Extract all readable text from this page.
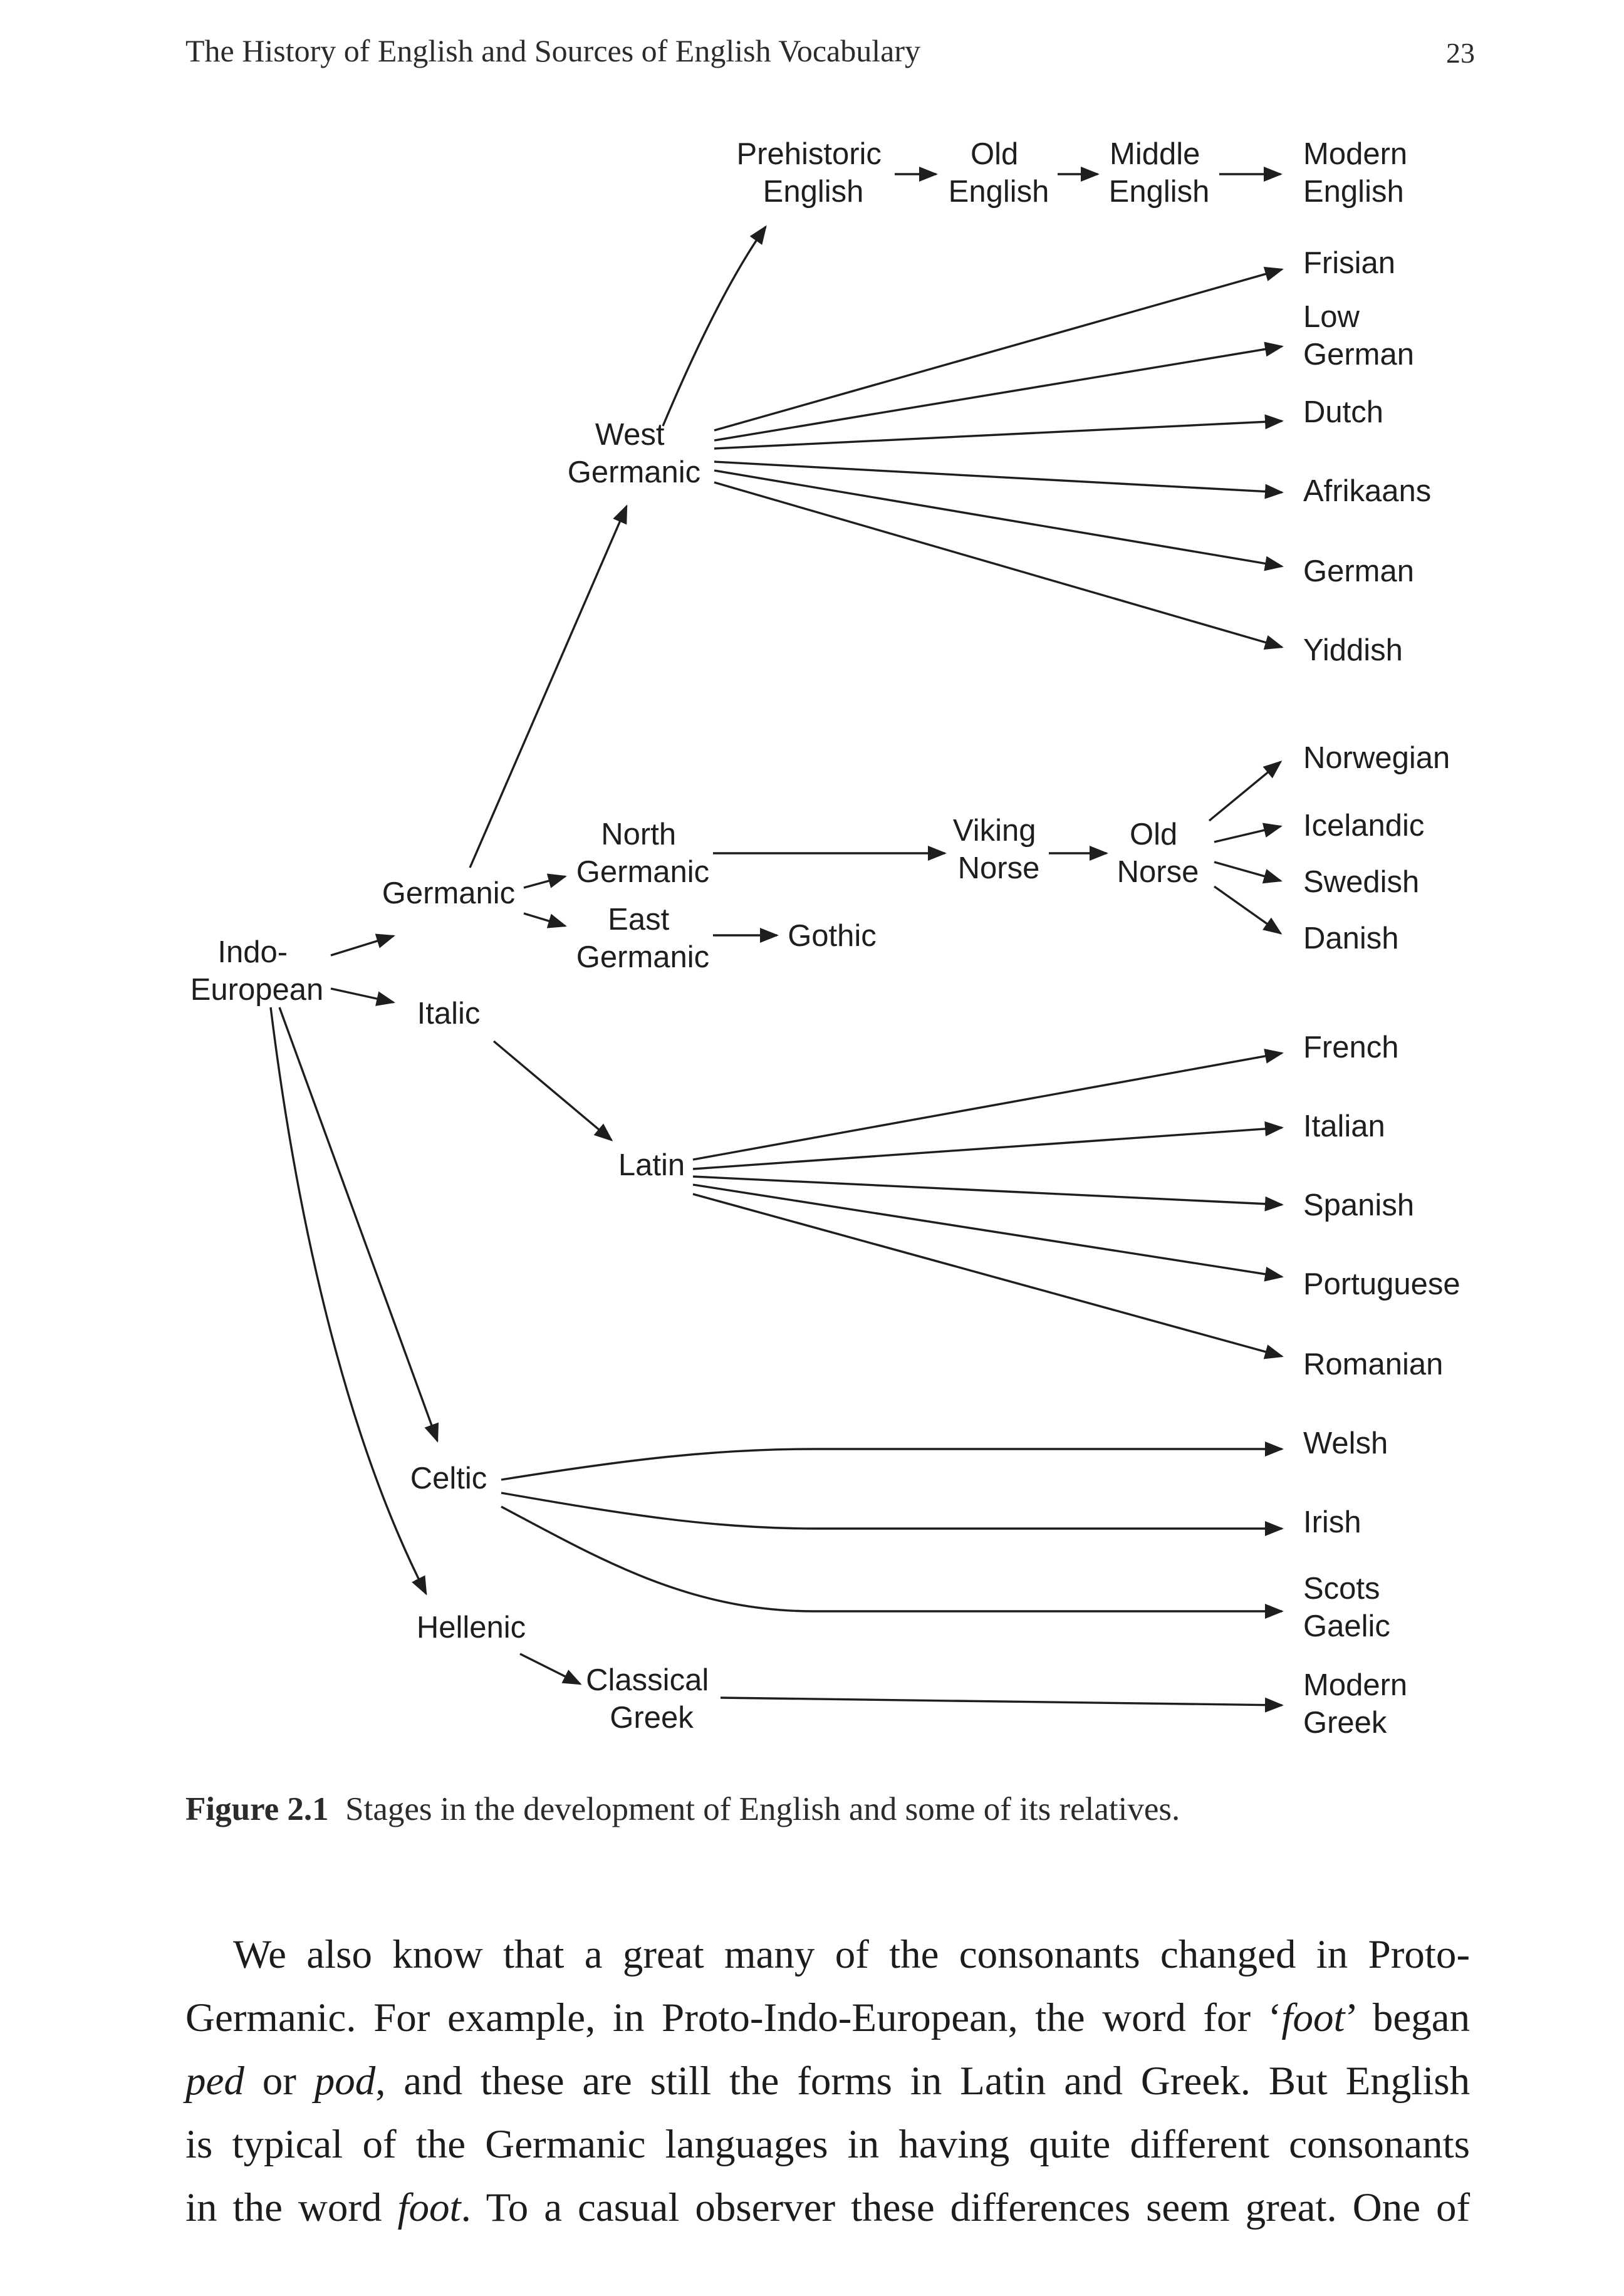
The History of English and Sources of English Vocabulary	23
Indo- European
Germanic
Italic
Celtic
Hellenic
West Germanic
North Germanic
East Germanic
Latin
Classical Greek
Gothic
Viking Norse
Old Norse
Prehistoric English
Old English
Middle English
Modern English
Frisian
Low German
Dutch
Afrikaans
German
Yiddish
Norwegian
Icelandic
Swedish
Danish
French
Italian
Spanish
Portuguese
Romanian
Welsh
Irish
Scots Gaelic
Modern Greek
Figure 2.1 Stages in the development of English and some of its relatives.
We also know that a great many of the consonants changed in Proto-
Germanic. For example, in Proto-Indo-European, the word for ‘foot’ began
ped or pod, and these are still the forms in Latin and Greek. But English
is typical of the Germanic languages in having quite different consonants
in the word foot. To a casual observer these differences seem great. One of
